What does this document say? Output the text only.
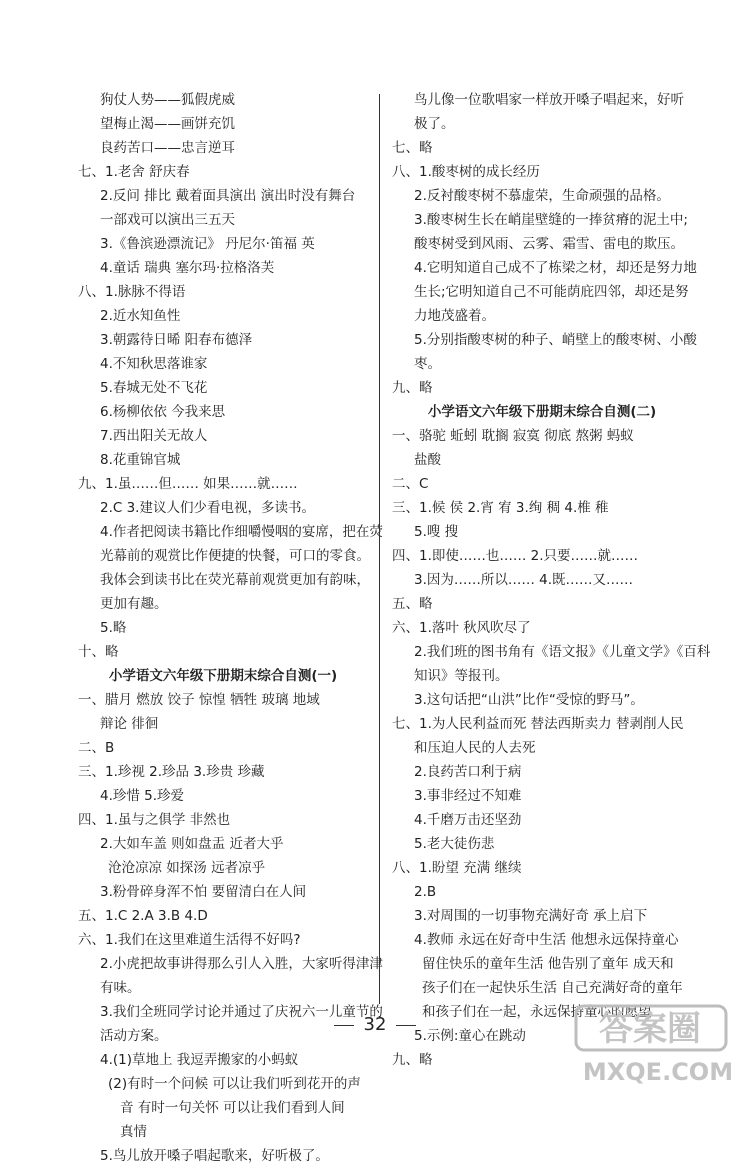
狗仗人势——狐假虎威
望梅止渴——画饼充饥
良药苦口——忠言逆耳
七、1.老舍 舒庆春
2.反问 排比 戴着面具演出 演出时没有舞台
一部戏可以演出三五天
3.《鲁滨逊漂流记》 丹尼尔·笛福 英
4.童话 瑞典 塞尔玛·拉格洛芙
八、1.脉脉不得语
2.近水知鱼性
3.朝露待日晞 阳春布德泽
4.不知秋思落谁家
5.春城无处不飞花
6.杨柳依依 今我来思
7.西出阳关无故人
8.花重锦官城
九、1.虽……但…… 如果……就……
2.C 3.建议人们少看电视，多读书。
4.作者把阅读书籍比作细嚼慢咽的宴席，把在荧
光幕前的观赏比作便捷的快餐，可口的零食。
我体会到读书比在荧光幕前观赏更加有韵味，
更加有趣。
5.略
十、略
小学语文六年级下册期末综合自测(一)
一、腊月 燃放 饺子 惊惶 牺牲 玻璃 地域
辩论 徘徊
二、B
三、1.珍视 2.珍品 3.珍贵 珍藏
4.珍惜 5.珍爱
四、1.虽与之俱学 非然也
2.大如车盖 则如盘盂 近者大乎
沧沧凉凉 如探汤 远者凉乎
3.粉骨碎身浑不怕 要留清白在人间
五、1.C 2.A 3.B 4.D
六、1.我们在这里难道生活得不好吗?
2.小虎把故事讲得那么引人入胜，大家听得津津
有味。
3.我们全班同学讨论并通过了庆祝六一儿童节的
活动方案。
4.(1)草地上 我逗弄搬家的小蚂蚁
(2)有时一个问候 可以让我们听到花开的声
音 有时一句关怀 可以让我们看到人间
真情
5.鸟儿放开嗓子唱起歌来，好听极了。
鸟儿像一位歌唱家一样放开嗓子唱起来，好听
极了。
七、略
八、1.酸枣树的成长经历
2.反衬酸枣树不慕虚荣，生命顽强的品格。
3.酸枣树生长在峭崖壁缝的一捧贫瘠的泥土中;
酸枣树受到风雨、云雾、霜雪、雷电的欺压。
4.它明知道自己成不了栋梁之材，却还是努力地
生长;它明知道自己不可能荫庇四邻，却还是努
力地茂盛着。
5.分别指酸枣树的种子、峭壁上的酸枣树、小酸
枣。
九、略
小学语文六年级下册期末综合自测(二)
一、骆驼 蚯蚓 耽搁 寂寞 彻底 熬粥 蚂蚁
盐酸
二、C
三、1.候 侯 2.宵 宥 3.绚 稠 4.椎 稚
5.嗖 搜
四、1.即使……也…… 2.只要……就……
3.因为……所以…… 4.既……又……
五、略
六、1.落叶 秋风吹尽了
2.我们班的图书角有《语文报》《儿童文学》《百科
知识》等报刊。
3.这句话把“山洪”比作“受惊的野马”。
七、1.为人民利益而死 替法西斯卖力 替剥削人民
和压迫人民的人去死
2.良药苦口利于病
3.事非经过不知难
4.千磨万击还坚劲
5.老大徒伤悲
八、1.盼望 充满 继续
2.B
3.对周围的一切事物充满好奇 承上启下
4.教师 永远在好奇中生活 他想永远保持童心
留住快乐的童年生活 他告别了童年 成天和
孩子们在一起快乐生活 自己充满好奇的童年
和孩子们在一起，永远保持童心的愿望
5.示例:童心在跳动
九、略
32	答案圈
MXQE.COM
